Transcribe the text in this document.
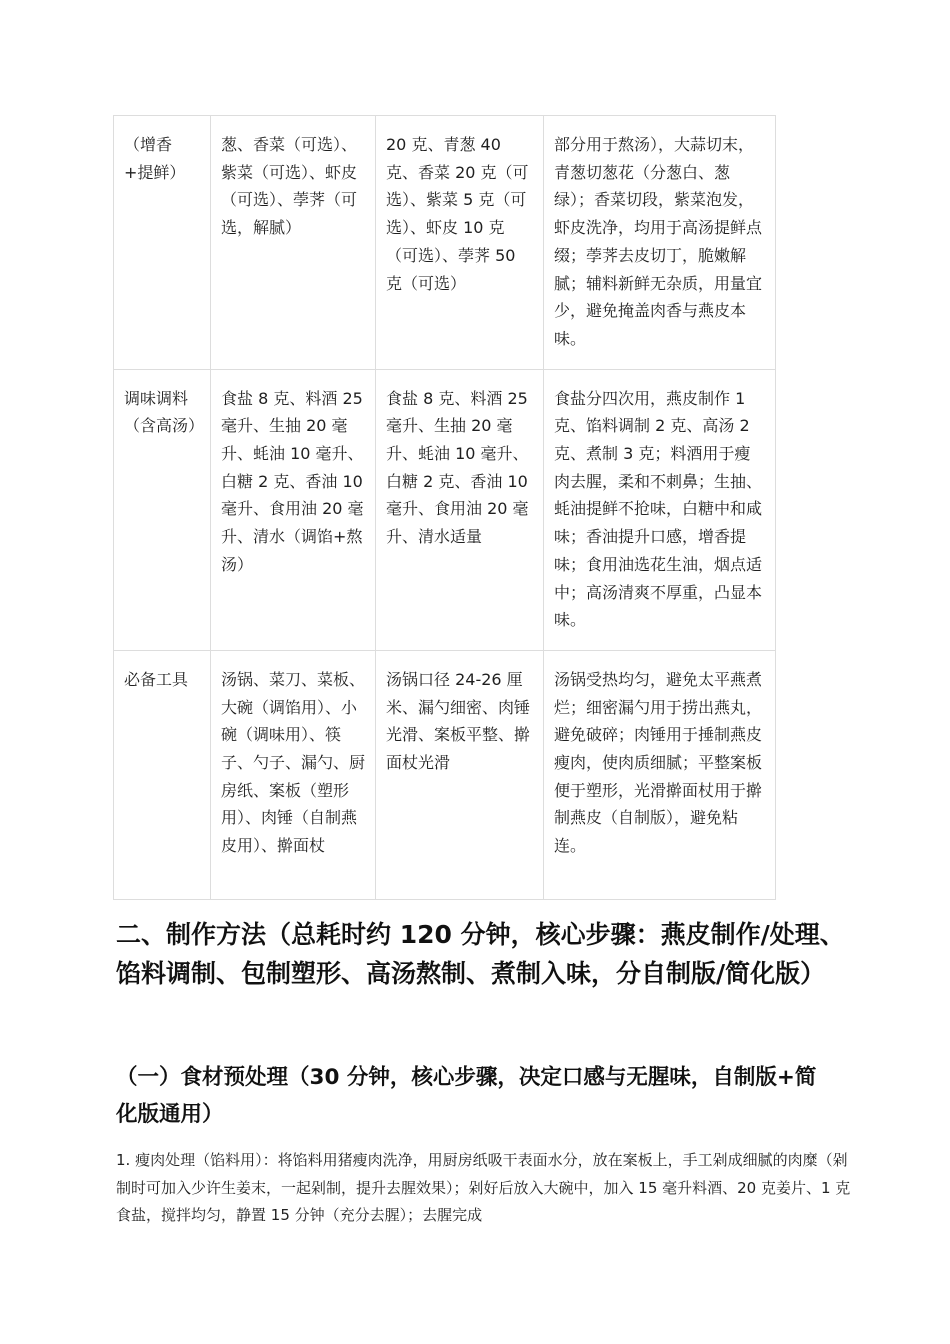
（增香+提鲜）	葱、香菜（可选）、紫菜（可选）、虾皮（可选）、荸荠（可选，解腻）	20 克、青葱 40 克、香菜 20 克（可选）、紫菜 5 克（可选）、虾皮 10 克（可选）、荸荠 50 克（可选）	部分用于熬汤），大蒜切末，青葱切葱花（分葱白、葱绿）；香菜切段，紫菜泡发，虾皮洗净，均用于高汤提鲜点缀；荸荠去皮切丁，脆嫩解腻；辅料新鲜无杂质，用量宜少，避免掩盖肉香与燕皮本味。
调味调料（含高汤）	食盐 8 克、料酒 25 毫升、生抽 20 毫升、蚝油 10 毫升、白糖 2 克、香油 10 毫升、食用油 20 毫升、清水（调馅+熬汤）	食盐 8 克、料酒 25 毫升、生抽 20 毫升、蚝油 10 毫升、白糖 2 克、香油 10 毫升、食用油 20 毫升、清水适量	食盐分四次用，燕皮制作 1 克、馅料调制 2 克、高汤 2 克、煮制 3 克；料酒用于瘦肉去腥，柔和不刺鼻；生抽、蚝油提鲜不抢味，白糖中和咸味；香油提升口感，增香提味；食用油选花生油，烟点适中；高汤清爽不厚重，凸显本味。
必备工具	汤锅、菜刀、菜板、大碗（调馅用）、小碗（调味用）、筷子、勺子、漏勺、厨房纸、案板（塑形用）、肉锤（自制燕皮用）、擀面杖	汤锅口径 24-26 厘米、漏勺细密、肉锤光滑、案板平整、擀面杖光滑	汤锅受热均匀，避免太平燕煮烂；细密漏勺用于捞出燕丸，避免破碎；肉锤用于捶制燕皮瘦肉，使肉质细腻；平整案板便于塑形，光滑擀面杖用于擀制燕皮（自制版），避免粘连。
二、制作方法（总耗时约 120 分钟，核心步骤：燕皮制作/处理、馅料调制、包制塑形、高汤熬制、煮制入味，分自制版/简化版）
（一）食材预处理（30 分钟，核心步骤，决定口感与无腥味，自制版+简化版通用）

1. 瘦肉处理（馅料用）：将馅料用猪瘦肉洗净，用厨房纸吸干表面水分，放在案板上，手工剁成细腻的肉糜（剁制时可加入少许生姜末，一起剁制，提升去腥效果）；剁好后放入大碗中，加入 15 毫升料酒、20 克姜片、1 克食盐，搅拌均匀，静置 15 分钟（充分去腥）；去腥完成
